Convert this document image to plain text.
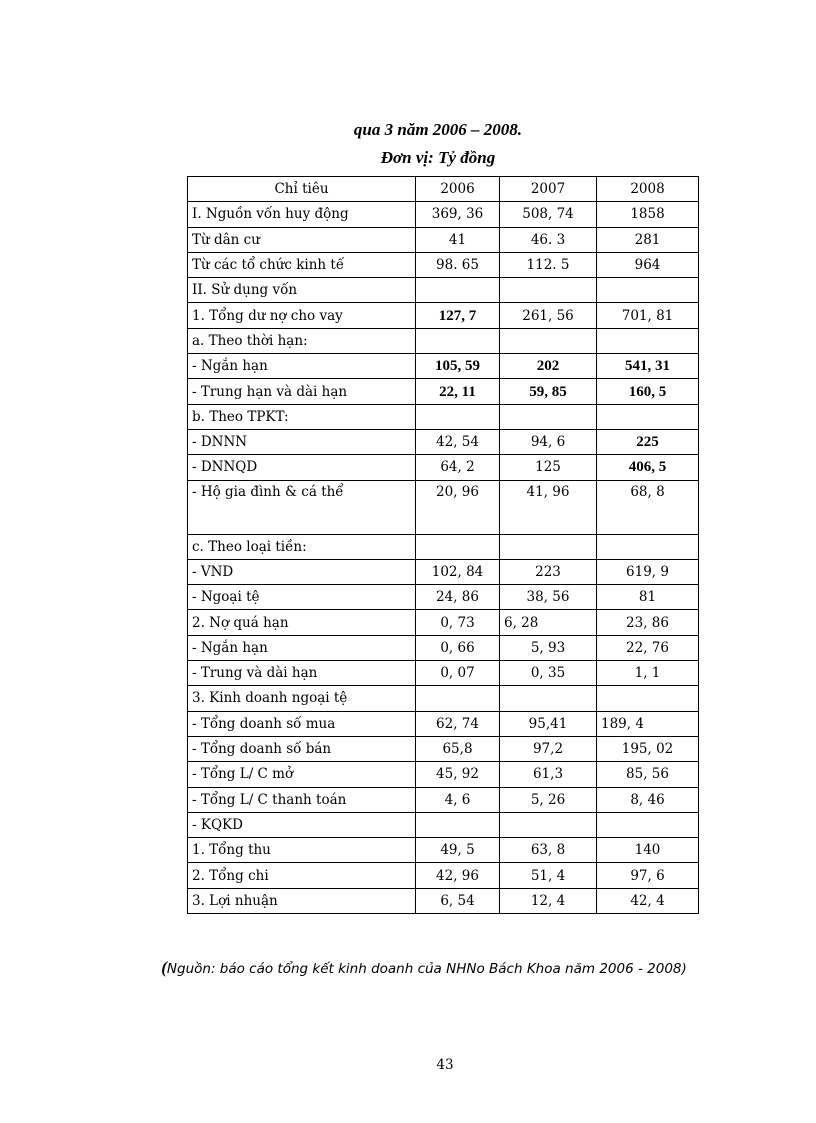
qua 3 năm 2006 – 2008.
Đơn vị: Tỷ đồng
Chỉ tiêu	2006	2007	2008
I. Nguồn vốn huy động	369, 36	508, 74	1858
Từ dân cư	41	46. 3	281
Từ các tổ chức kinh tế	98. 65	112. 5	964
II. Sử dụng vốn			
1. Tổng dư nợ cho vay	127, 7	261, 56	701, 81
a. Theo thời hạn:			
- Ngắn hạn	105, 59	202	541, 31
- Trung hạn và dài hạn	22, 11	59, 85	160, 5
b. Theo TPKT:			
- DNNN	42, 54	94, 6	225
- DNNQD	64, 2	125	406, 5
- Hộ gia đình & cá thể	20, 96	41, 96	68, 8
c. Theo loại tiền:			
- VND	102, 84	223	619, 9
- Ngoại tệ	24, 86	38, 56	81
2. Nợ quá hạn	0, 73	6, 28	23, 86
- Ngắn hạn	0, 66	5, 93	22, 76
- Trung và dài hạn	0, 07	0, 35	1, 1
3. Kinh doanh ngoại tệ			
- Tổng doanh số mua	62, 74	95,41	189, 4
- Tổng doanh số bán	65,8	97,2	195, 02
- Tổng L/ C mở	45, 92	61,3	85, 56
- Tổng L/ C thanh toán	4, 6	5, 26	8, 46
- KQKD			
1. Tổng thu	49, 5	63, 8	140
2. Tổng chi	42, 96	51, 4	97, 6
3. Lợi nhuận	6, 54	12, 4	42, 4
(Nguồn: báo cáo tổng kết kinh doanh của NHNo Bách Khoa năm 2006 - 2008)
43
